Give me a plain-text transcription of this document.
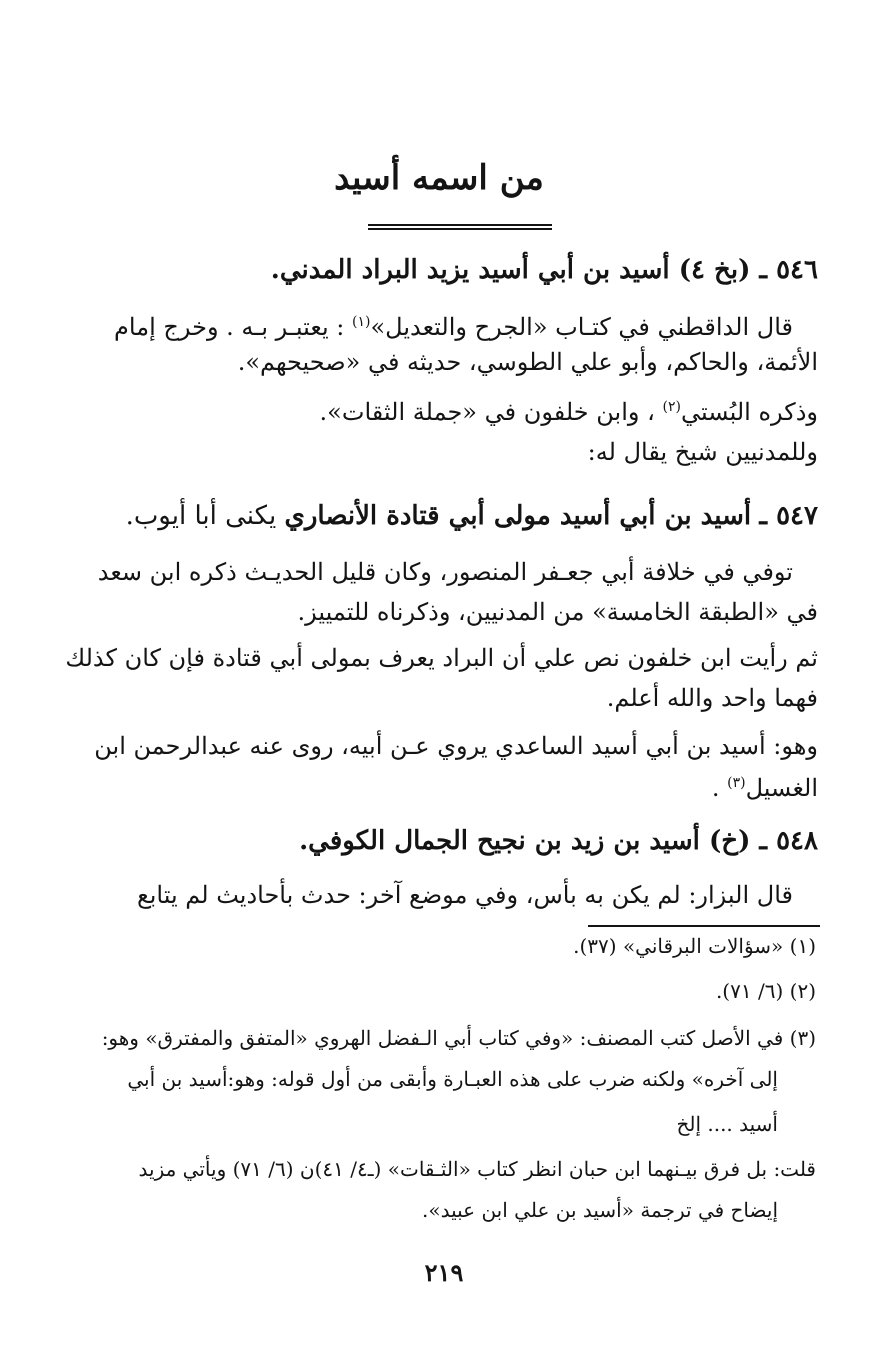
من اسمه أسيد
٥٤٦ ـ (بخ ٤) أسيد بن أبي أسيد يزيد البراد المدني.
قال الداقطني في كتـاب «الجرح والتعديل»$^{(١)}$ : يعتبـر بـه . وخرج إمام
الأئمة، والحاكم، وأبو علي الطوسي، حديثه في «صحيحهم».
وذكره البُستي$^{(٢)}$ ، وابن خلفون في «جملة الثقات».
وللمدنيين شيخ يقال له:
٥٤٧ ـ أسيد بن أبي أسيد مولى أبي قتادة الأنصاري يكنى أبا أيوب.
توفي في خلافة أبي جعـفر المنصور، وكان قليل الحديـث ذكره ابن سعد
في «الطبقة الخامسة» من المدنيين، وذكرناه للتمييز.
ثم رأيت ابن خلفون نص علي أن البراد يعرف بمولى أبي قتادة فإن كان كذلك
فهما واحد والله أعلم.
وهو: أسيد بن أبي أسيد الساعدي يروي عـن أبيه، روى عنه عبدالرحمن ابن
الغسيل$^{(٣)}$ .
٥٤٨ ـ (خ) أسيد بن زيد بن نجيح الجمال الكوفي.
قال البزار: لم يكن به بأس، وفي موضع آخر: حدث بأحاديث لم يتابع
(١) «سؤالات البرقاني» (٣٧).
(٢) (٦/ ٧١).
(٣) في الأصل كتب المصنف: «وفي كتاب أبي الـفضل الهروي «المتفق والمفترق» وهو:
إلى آخره» ولكنه ضرب على هذه العبـارة وأبقى من أول قوله: وهو:أسيد بن أبي
أسيد .... إلخ
قلت: بل فرق بيـنهما ابن حبان انظر كتاب «الثـقات» (ـ٤/ ٤١)ن (٦/ ٧١) ويأتي مزيد
إيضاح في ترجمة «أسيد بن علي ابن عبيد».
٢١٩
